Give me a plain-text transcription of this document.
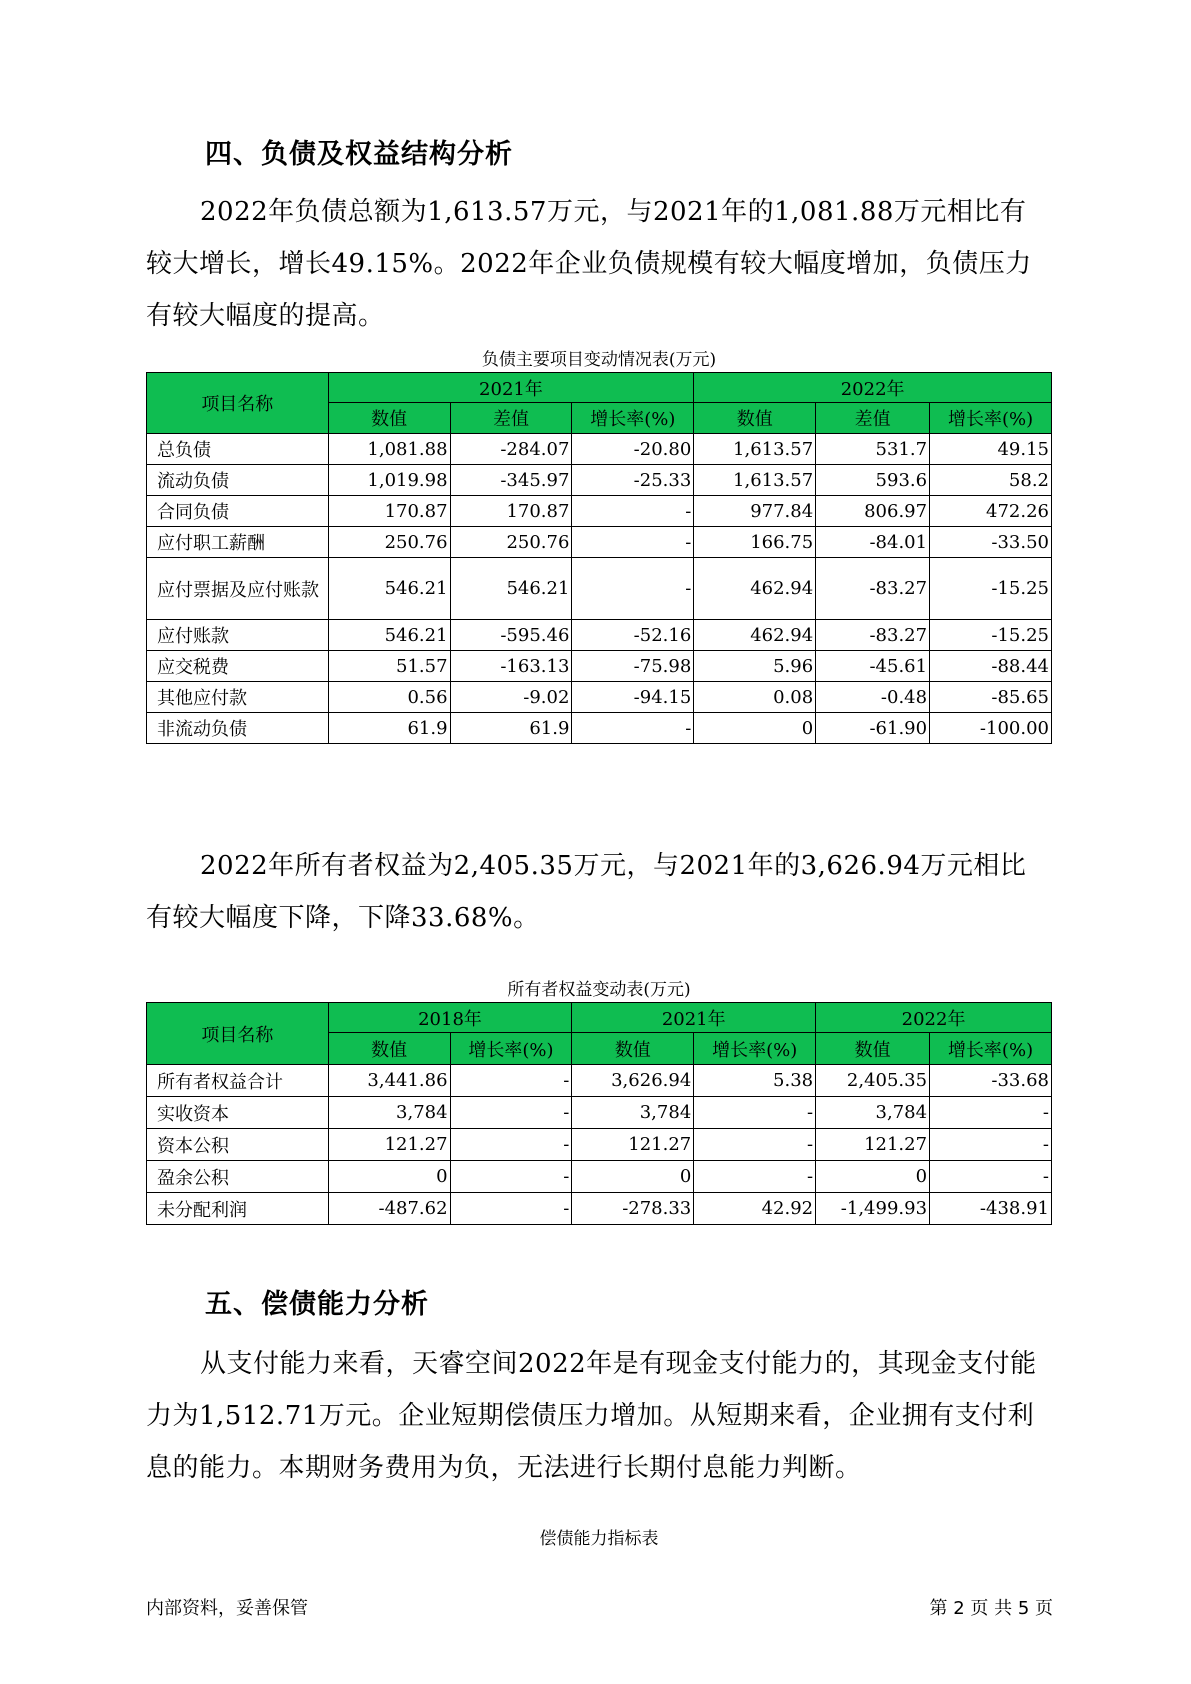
四、负债及权益结构分析

2022年负债总额为1,613.57万元，与2021年的1,081.88万元相比有较大增长，增长49.15%。2022年企业负债规模有较大幅度增加，负债压力有较大幅度的提高。

负债主要项目变动情况表(万元)

项目名称	2021年			2022年		
	数值	差值	增长率(%)	数值	差值	增长率(%)
总负债	1,081.88	-284.07	-20.80	1,613.57	531.7	49.15
流动负债	1,019.98	-345.97	-25.33	1,613.57	593.6	58.2
合同负债	170.87	170.87	-	977.84	806.97	472.26
应付职工薪酬	250.76	250.76	-	166.75	-84.01	-33.50
应付票据及应付账款	546.21	546.21	-	462.94	-83.27	-15.25
应付账款	546.21	-595.46	-52.16	462.94	-83.27	-15.25
应交税费	51.57	-163.13	-75.98	5.96	-45.61	-88.44
其他应付款	0.56	-9.02	-94.15	0.08	-0.48	-85.65
非流动负债	61.9	61.9	-	0	-61.90	-100.00

2022年所有者权益为2,405.35万元，与2021年的3,626.94万元相比有较大幅度下降，下降33.68%。

所有者权益变动表(万元)

项目名称	2018年		2021年		2022年	
	数值	增长率(%)	数值	增长率(%)	数值	增长率(%)
所有者权益合计	3,441.86	-	3,626.94	5.38	2,405.35	-33.68
实收资本	3,784	-	3,784	-	3,784	-
资本公积	121.27	-	121.27	-	121.27	-
盈余公积	0	-	0	-	0	-
未分配利润	-487.62	-	-278.33	42.92	-1,499.93	-438.91
五、偿债能力分析

从支付能力来看，天睿空间2022年是有现金支付能力的，其现金支付能力为1,512.71万元。企业短期偿债压力增加。从短期来看，企业拥有支付利息的能力。本期财务费用为负，无法进行长期付息能力判断。

偿债能力指标表

内部资料，妥善保管	第 2 页 共 5 页
